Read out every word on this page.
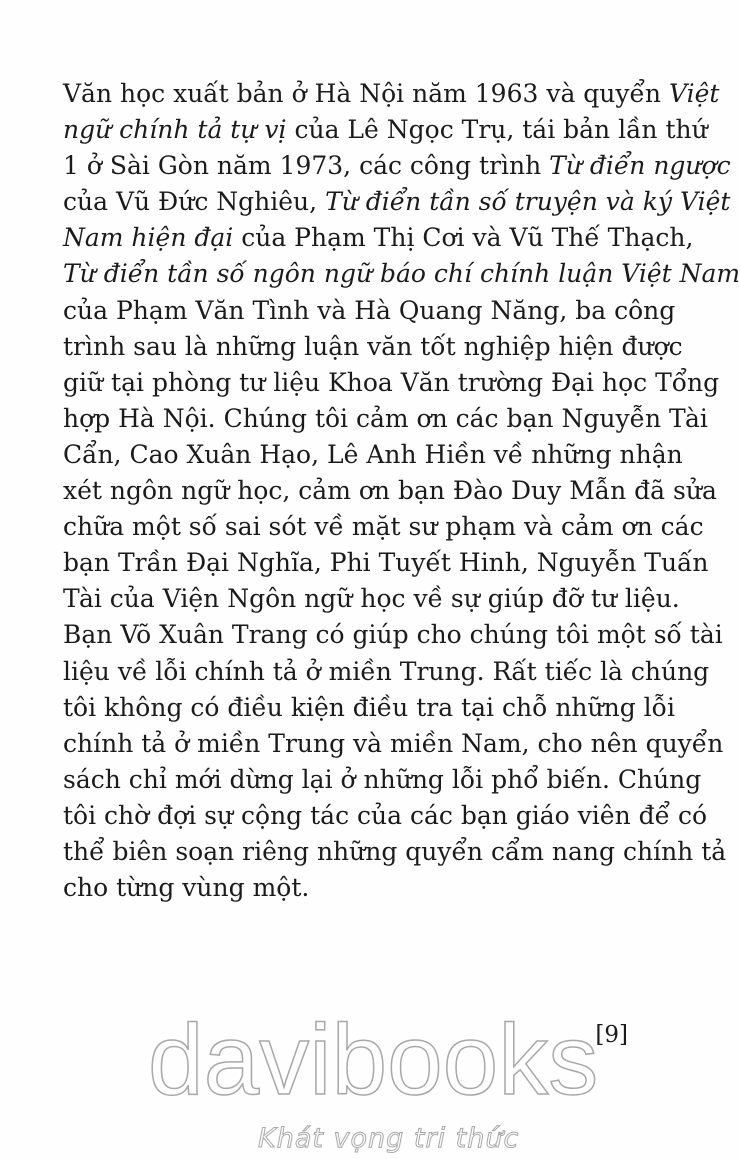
Văn học xuất bản ở Hà Nội năm 1963 và quyển Việt
ngữ chính tả tự vị của Lê Ngọc Trụ, tái bản lần thứ
1 ở Sài Gòn năm 1973, các công trình Từ điển ngược
của Vũ Đức Nghiêu, Từ điển tần số truyện và ký Việt
Nam hiện đại của Phạm Thị Cơi và Vũ Thế Thạch,
Từ điển tần số ngôn ngữ báo chí chính luận Việt Nam
của Phạm Văn Tình và Hà Quang Năng, ba công
trình sau là những luận văn tốt nghiệp hiện được
giữ tại phòng tư liệu Khoa Văn trường Đại học Tổng
hợp Hà Nội. Chúng tôi cảm ơn các bạn Nguyễn Tài
Cẩn, Cao Xuân Hạo, Lê Anh Hiền về những nhận
xét ngôn ngữ học, cảm ơn bạn Đào Duy Mẫn đã sửa
chữa một số sai sót về mặt sư phạm và cảm ơn các
bạn Trần Đại Nghĩa, Phi Tuyết Hinh, Nguyễn Tuấn
Tài của Viện Ngôn ngữ học về sự giúp đỡ tư liệu.
Bạn Võ Xuân Trang có giúp cho chúng tôi một số tài
liệu về lỗi chính tả ở miền Trung. Rất tiếc là chúng
tôi không có điều kiện điều tra tại chỗ những lỗi
chính tả ở miền Trung và miền Nam, cho nên quyển
sách chỉ mới dừng lại ở những lỗi phổ biến. Chúng
tôi chờ đợi sự cộng tác của các bạn giáo viên để có
thể biên soạn riêng những quyển cẩm nang chính tả
cho từng vùng một.
[9]
davibooks
Khát vọng tri thức
